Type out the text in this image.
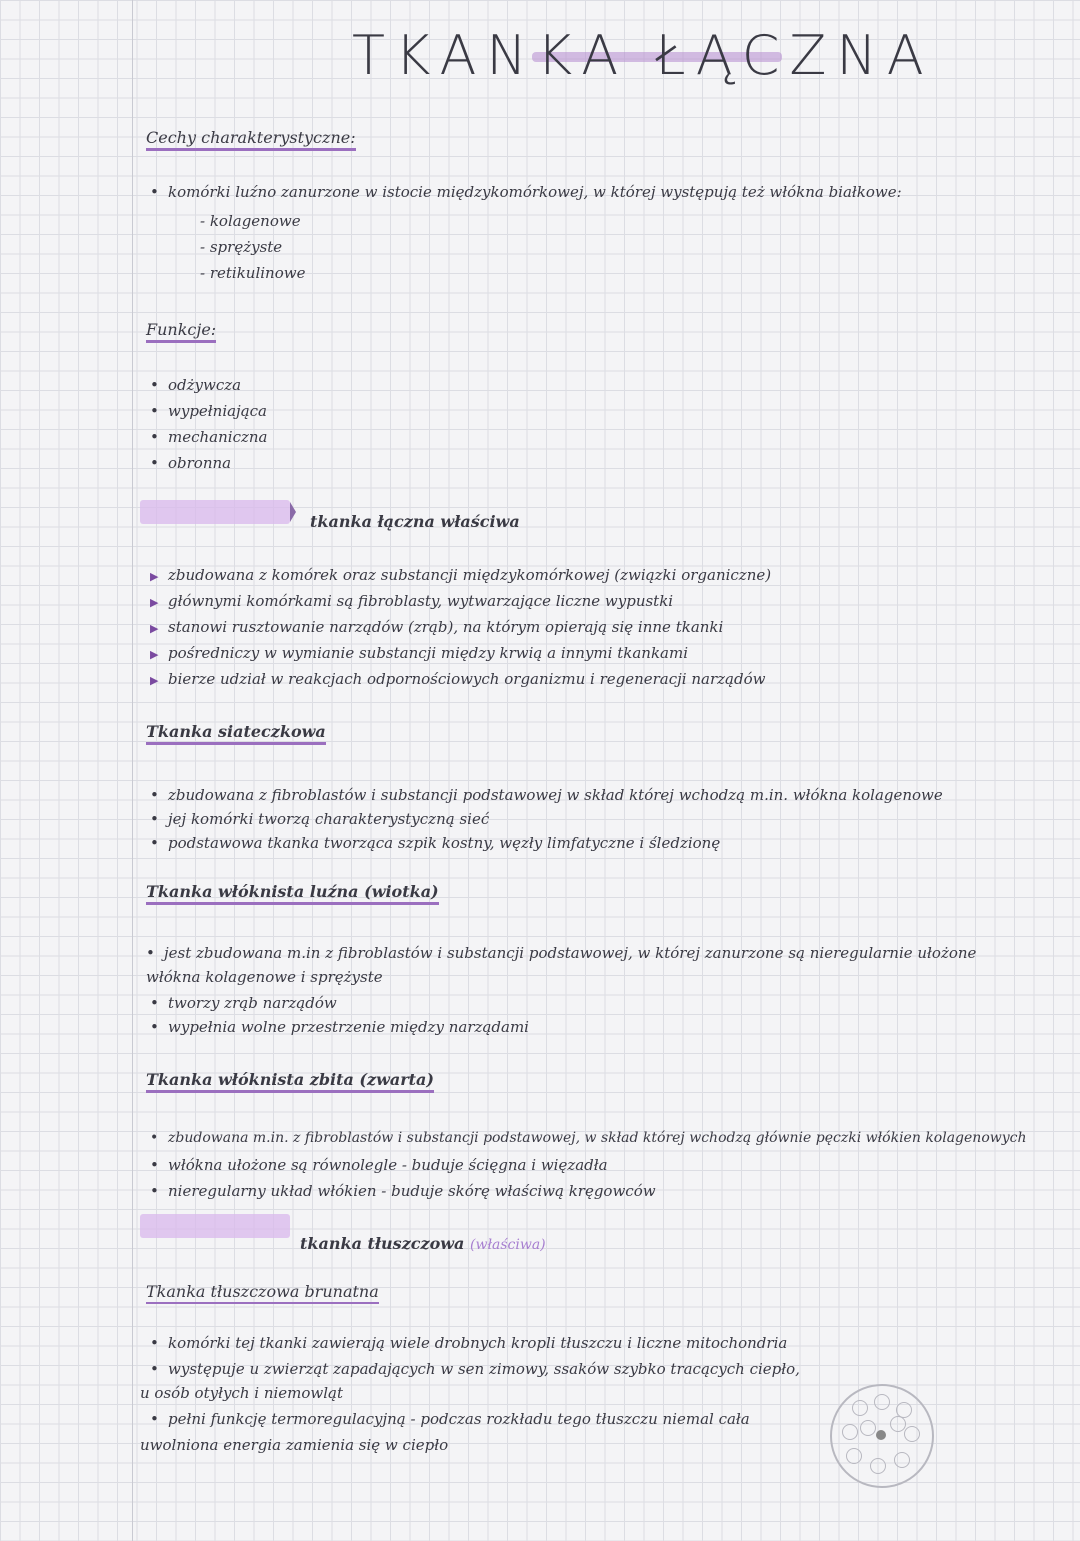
TKANKA ŁĄCZNA
Cechy charakterystyczne:
• komórki luźno zanurzone w istocie międzykomórkowej, w której występują też włókna białkowe:
- kolagenowe
- sprężyste
- retikulinowe
Funkcje:
• odżywcza
• wypełniająca
• mechaniczna
• obronna
tkanka łączna właściwa
▶ zbudowana z komórek oraz substancji międzykomórkowej (związki organiczne)
▶ głównymi komórkami są fibroblasty, wytwarzające liczne wypustki
▶ stanowi rusztowanie narządów (zrąb), na którym opierają się inne tkanki
▶ pośredniczy w wymianie substancji między krwią a innymi tkankami
▶ bierze udział w reakcjach odpornościowych organizmu i regeneracji narządów
Tkanka siateczkowa
• zbudowana z fibroblastów i substancji podstawowej w skład której wchodzą m.in. włókna kolagenowe
• jej komórki tworzą charakterystyczną sieć
• podstawowa tkanka tworząca szpik kostny, węzły limfatyczne i śledzionę
Tkanka włóknista luźna (wiotka)
• jest zbudowana m.in z fibroblastów i substancji podstawowej, w której zanurzone są nieregularnie ułożone
włókna kolagenowe i sprężyste
• tworzy zrąb narządów
• wypełnia wolne przestrzenie między narządami
Tkanka włóknista zbita (zwarta)
• zbudowana m.in. z fibroblastów i substancji podstawowej, w skład której wchodzą głównie pęczki włókien kolagenowych
• włókna ułożone są równolegle - buduje ścięgna i więzadła
• nieregularny układ włókien - buduje skórę właściwą kręgowców
tkanka tłuszczowa (właściwa)
Tkanka tłuszczowa brunatna
• komórki tej tkanki zawierają wiele drobnych kropli tłuszczu i liczne mitochondria
• występuje u zwierząt zapadających w sen zimowy, ssaków szybko tracących ciepło,
u osób otyłych i niemowląt
• pełni funkcję termoregulacyjną - podczas rozkładu tego tłuszczu niemal cała
uwolniona energia zamienia się w ciepło
